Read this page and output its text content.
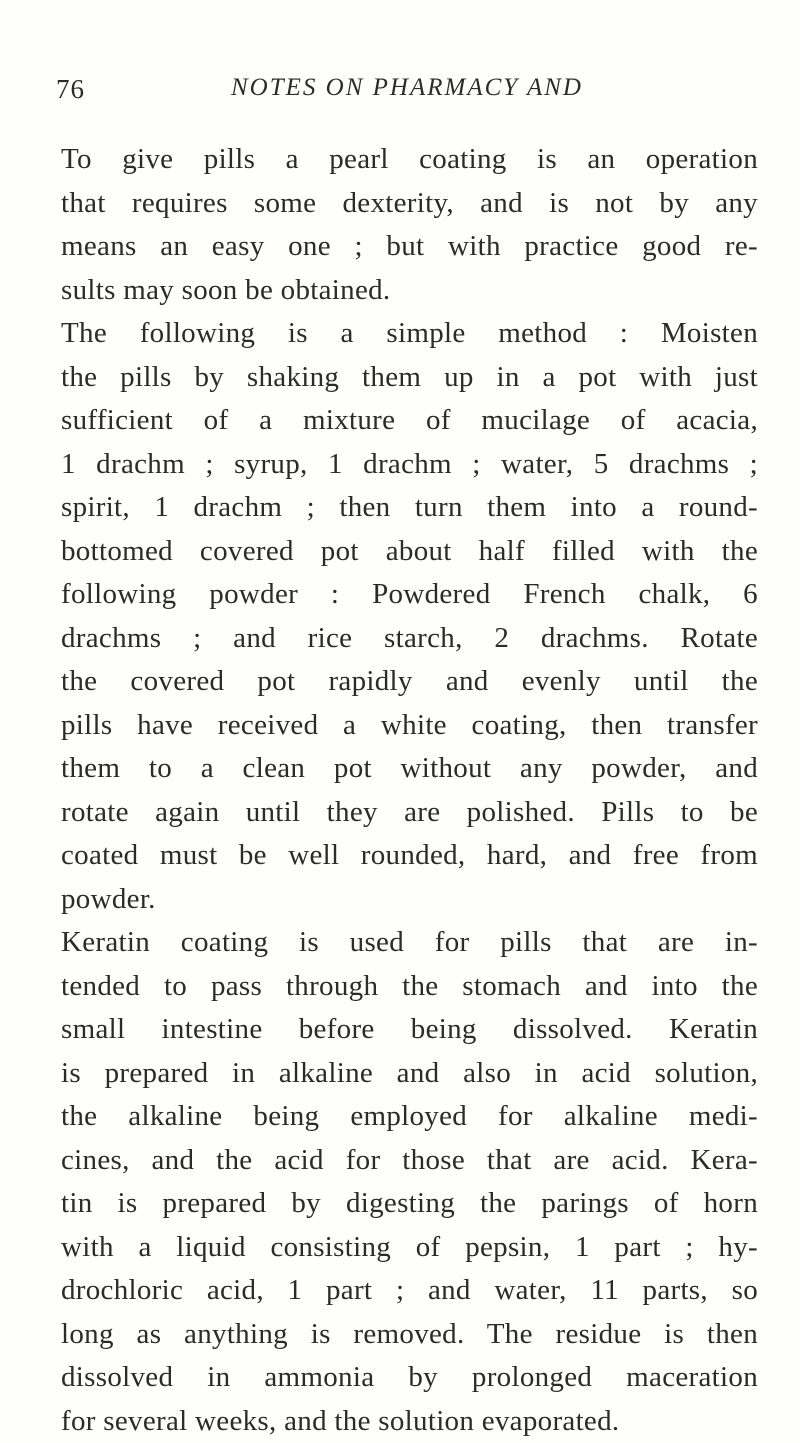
76	NOTES ON PHARMACY AND
To give pills a pearl coating is an operation
that requires some dexterity, and is not by any
means an easy one ; but with practice good re-
sults may soon be obtained.
The following is a simple method : Moisten
the pills by shaking them up in a pot with just
sufficient of a mixture of mucilage of acacia,
1 drachm ; syrup, 1 drachm ; water, 5 drachms ;
spirit, 1 drachm ; then turn them into a round-
bottomed covered pot about half filled with the
following powder : Powdered French chalk, 6
drachms ; and rice starch, 2 drachms. Rotate
the covered pot rapidly and evenly until the
pills have received a white coating, then transfer
them to a clean pot without any powder, and
rotate again until they are polished. Pills to be
coated must be well rounded, hard, and free from
powder.
Keratin coating is used for pills that are in-
tended to pass through the stomach and into the
small intestine before being dissolved. Keratin
is prepared in alkaline and also in acid solution,
the alkaline being employed for alkaline medi-
cines, and the acid for those that are acid. Kera-
tin is prepared by digesting the parings of horn
with a liquid consisting of pepsin, 1 part ; hy-
drochloric acid, 1 part ; and water, 11 parts, so
long as anything is removed. The residue is then
dissolved in ammonia by prolonged maceration
for several weeks, and the solution evaporated.
